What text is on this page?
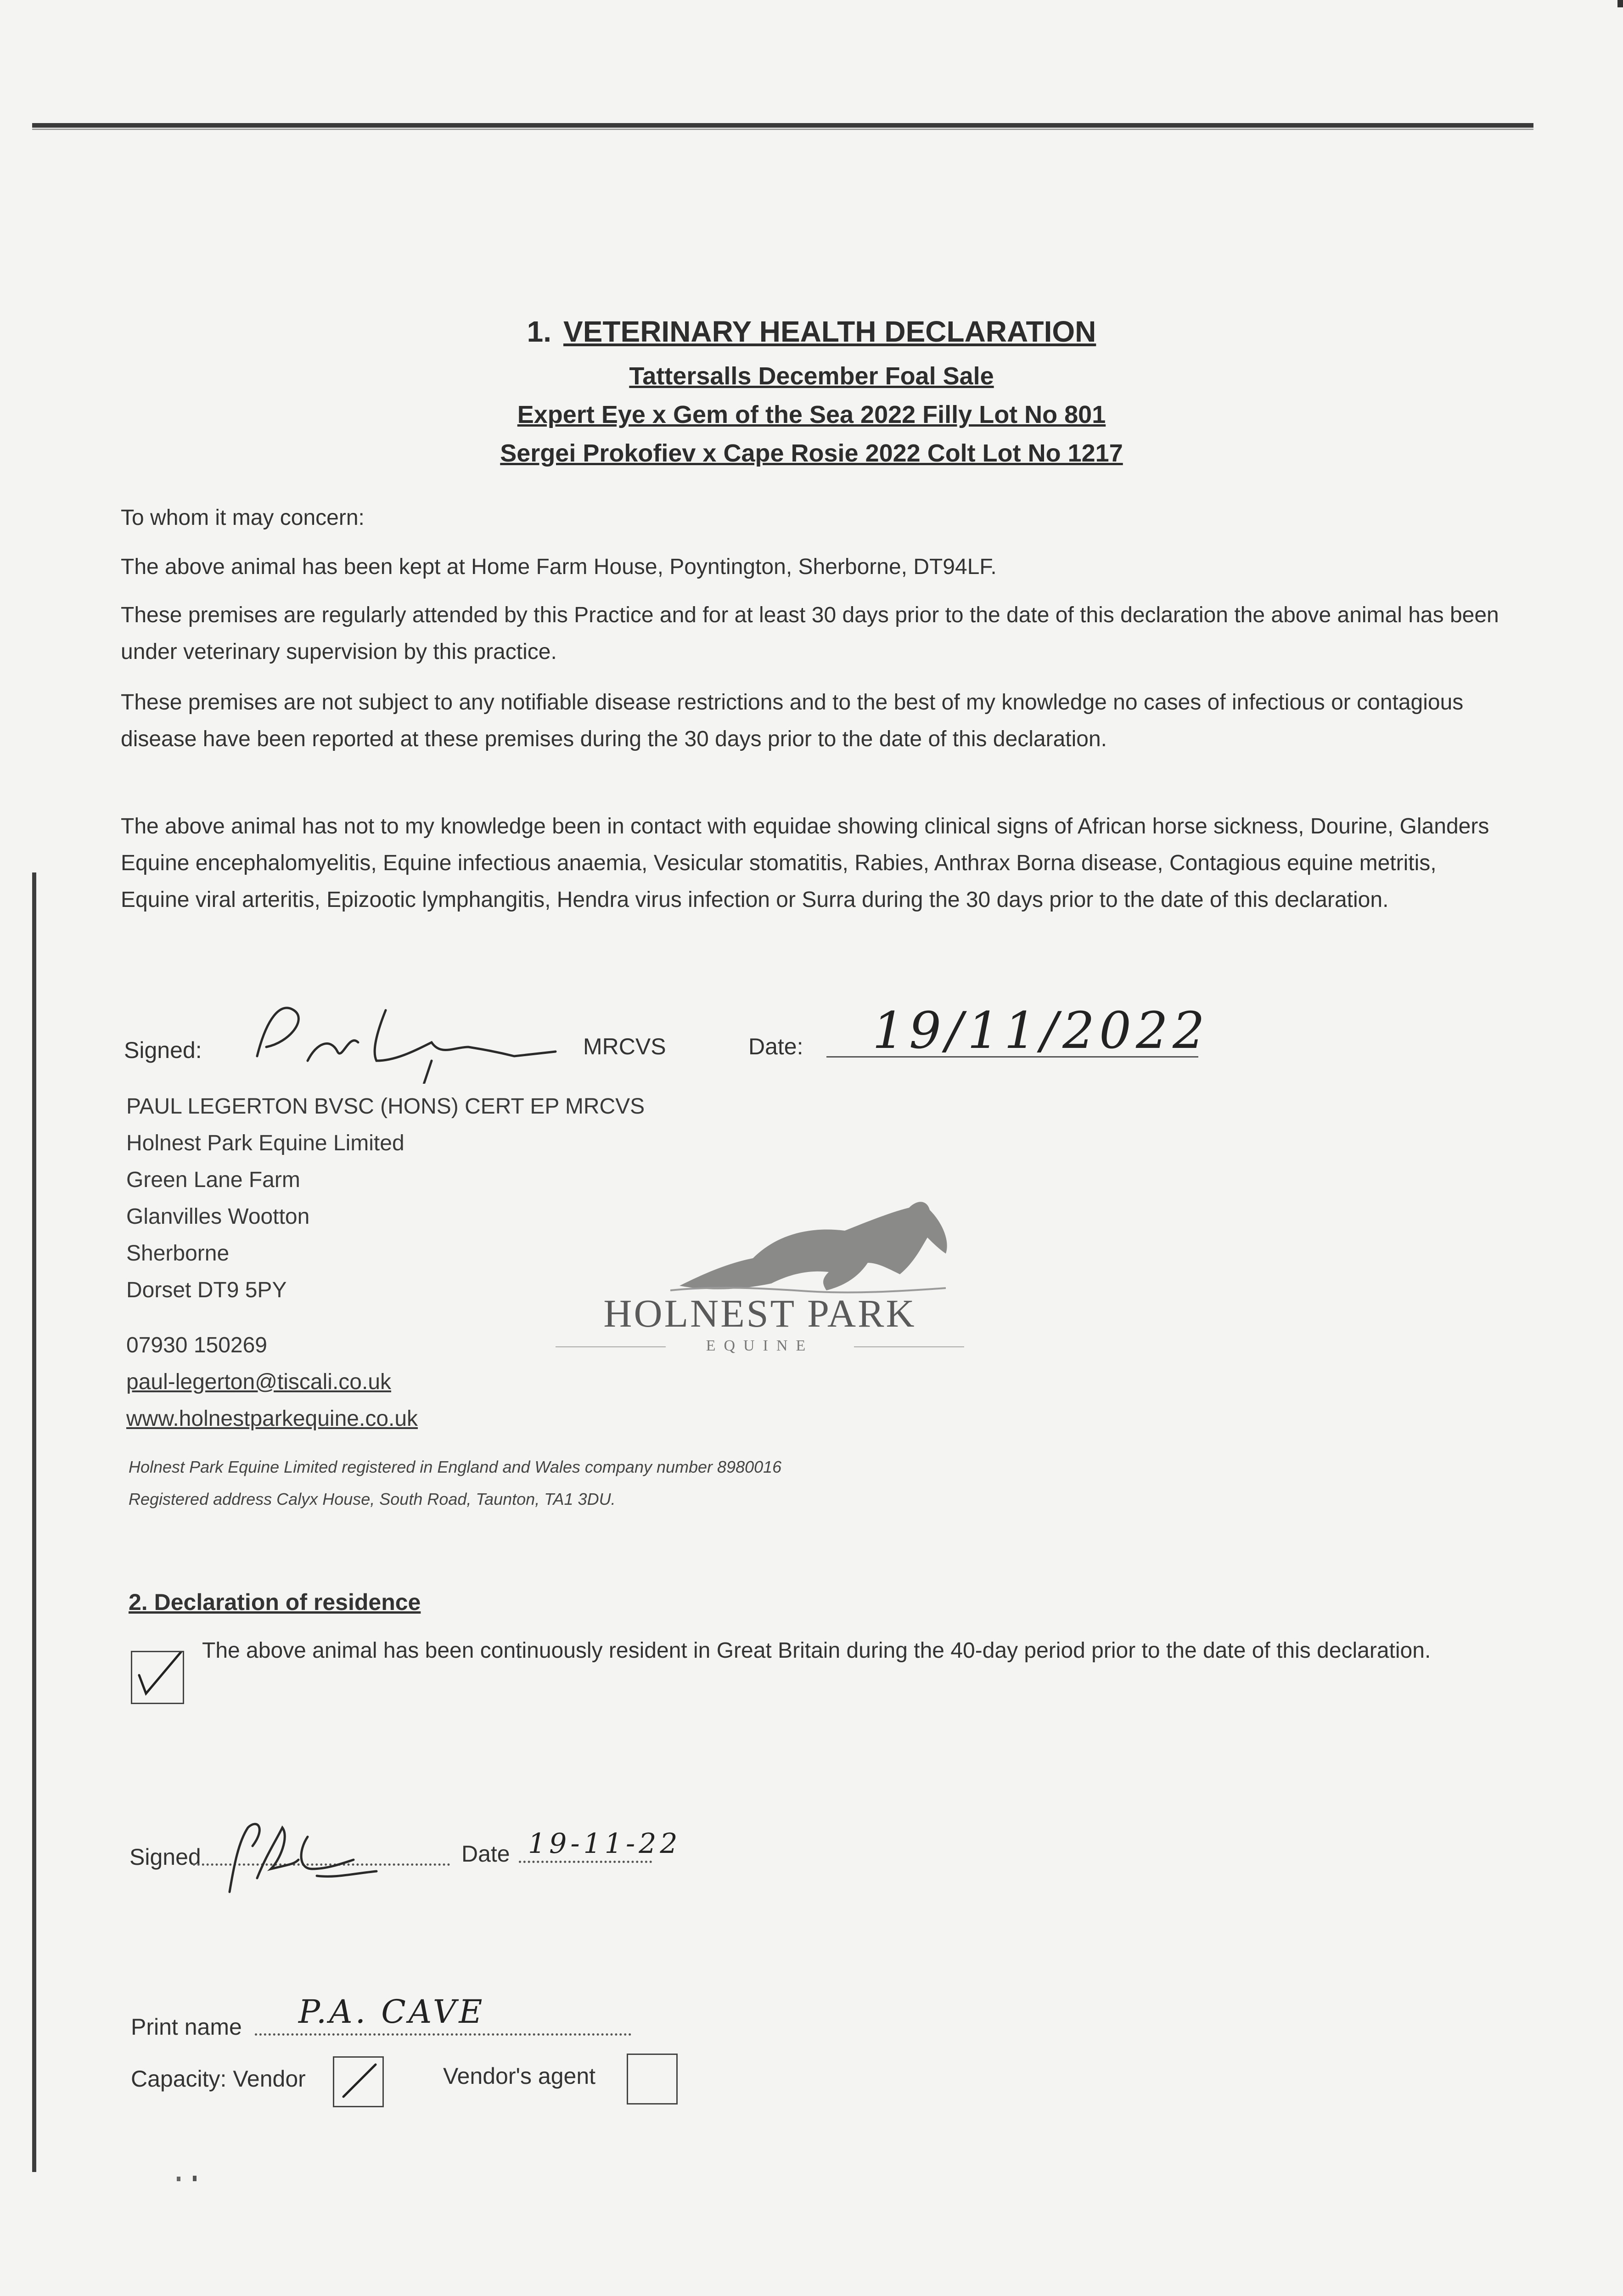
1. VETERINARY HEALTH DECLARATION
Tattersalls December Foal Sale
Expert Eye x Gem of the Sea 2022 Filly Lot No 801
Sergei Prokofiev x Cape Rosie 2022 Colt Lot No 1217
To whom it may concern:
The above animal has been kept at Home Farm House, Poyntington, Sherborne, DT94LF.
These premises are regularly attended by this Practice and for at least 30 days prior to the date of this declaration the above animal has been under veterinary supervision by this practice.
These premises are not subject to any notifiable disease restrictions and to the best of my knowledge no cases of infectious or contagious disease have been reported at these premises during the 30 days prior to the date of this declaration.
The above animal has not to my knowledge been in contact with equidae showing clinical signs of African horse sickness, Dourine, Glanders Equine encephalomyelitis, Equine infectious anaemia, Vesicular stomatitis, Rabies, Anthrax Borna disease, Contagious equine metritis, Equine viral arteritis, Epizootic lymphangitis, Hendra virus infection or Surra during the 30 days prior to the date of this declaration.
Signed:	MRCVS	Date: 19/11/2022
PAUL LEGERTON BVSC (HONS) CERT EP MRCVS
Holnest Park Equine Limited
Green Lane Farm
Glanvilles Wootton
Sherborne
Dorset DT9 5PY
07930 150269
paul-legerton@tiscali.co.uk
www.holnestparkequine.co.uk
HOLNEST PARK
EQUINE
Holnest Park Equine Limited registered in England and Wales company number 8980016
Registered address Calyx House, South Road, Taunton, TA1 3DU.
2. Declaration of residence
The above animal has been continuously resident in Great Britain during the 40-day period prior to the date of this declaration.
Signed	Date 19-11-22
Print name P.A. CAVE
Capacity: Vendor	Vendor's agent
